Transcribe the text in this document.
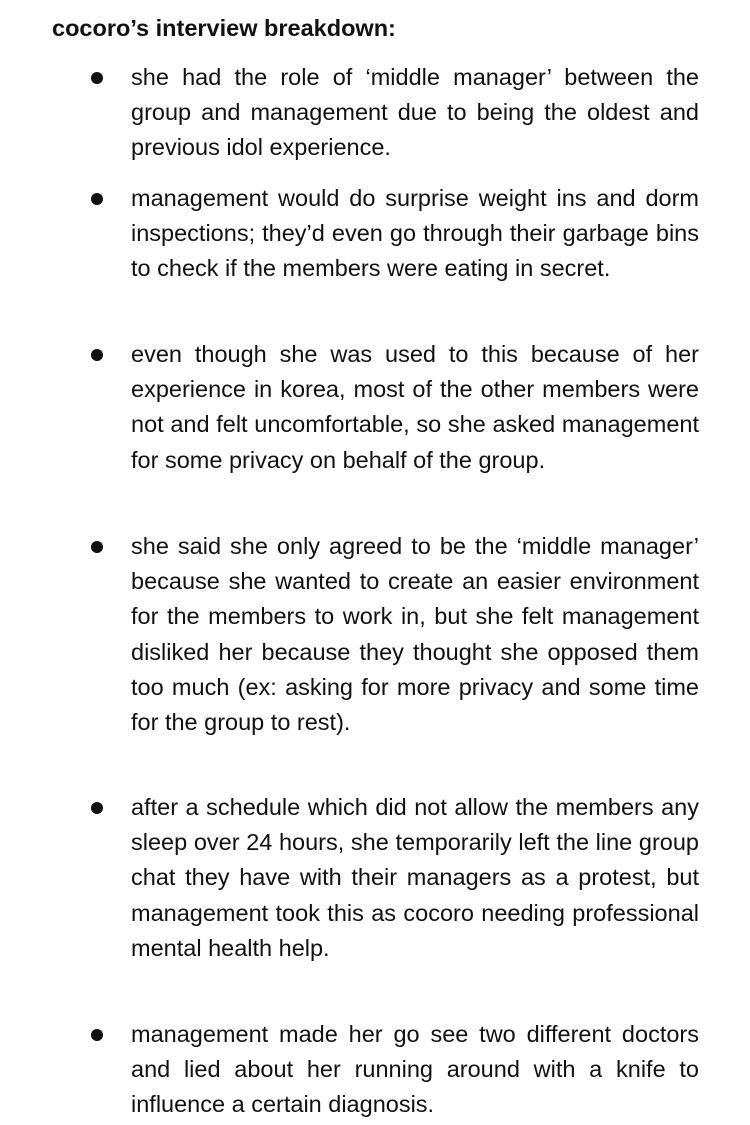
cocoro’s interview breakdown:

she had the role of ‘middle manager’ between the group and management due to being the oldest and previous idol experience.

management would do surprise weight ins and dorm inspections; they’d even go through their garbage bins to check if the members were eating in secret.

even though she was used to this because of her experience in korea, most of the other members were not and felt uncomfortable, so she asked management for some privacy on behalf of the group.

she said she only agreed to be the ‘middle manager’ because she wanted to create an easier environment for the members to work in, but she felt management disliked her because they thought she opposed them too much (ex: asking for more privacy and some time for the group to rest).

after a schedule which did not allow the members any sleep over 24 hours, she temporarily left the line group chat they have with their managers as a protest, but management took this as cocoro needing professional mental health help.

management made her go see two different doctors and lied about her running around with a knife to influence a certain diagnosis.
